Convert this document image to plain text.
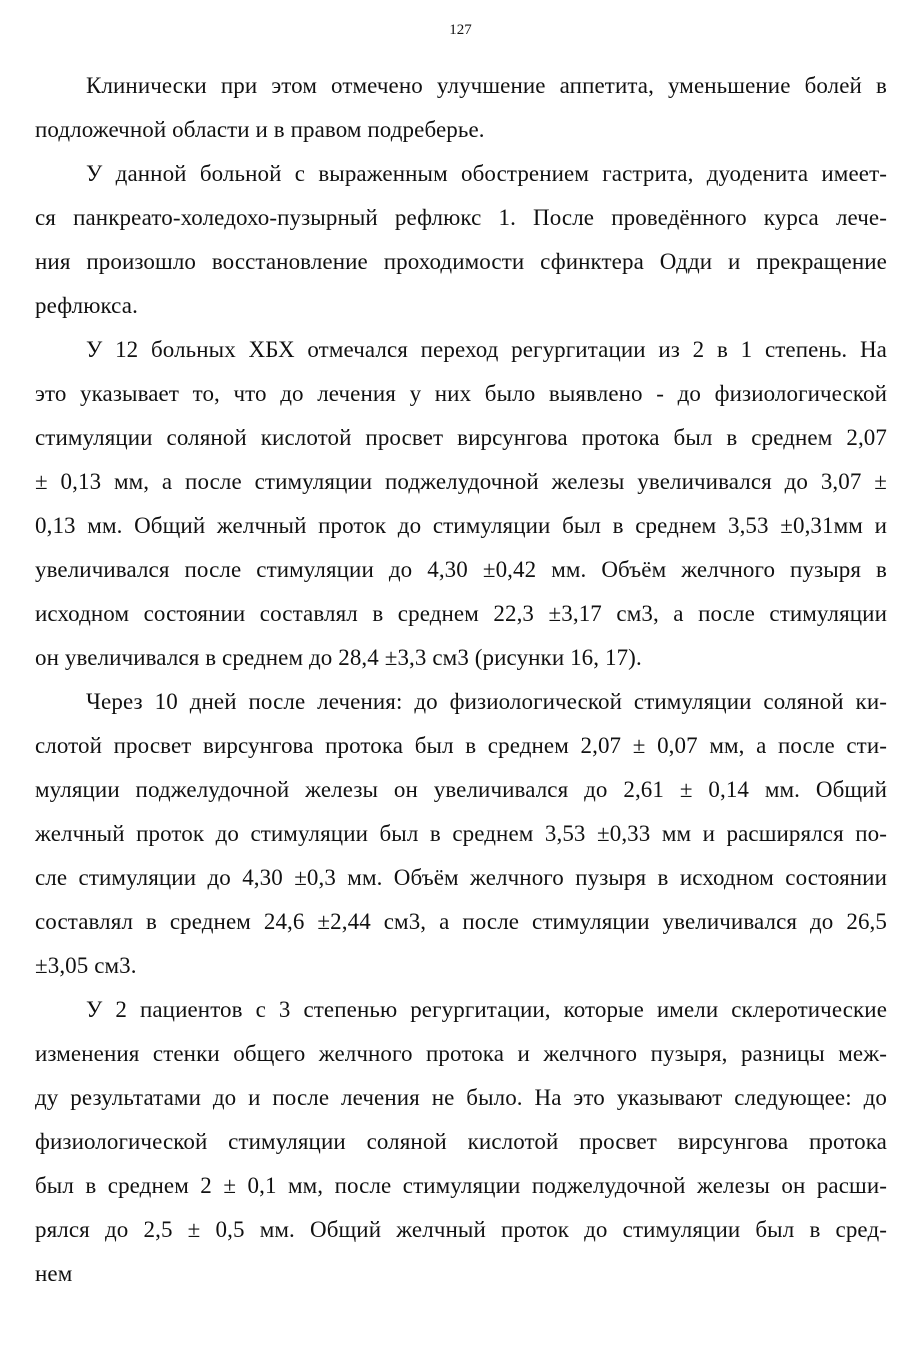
127
Клинически при этом отмечено улучшение аппетита, уменьшение болей в
подложечной области и в правом подреберье.
У данной больной с выраженным обострением гастрита, дуоденита имеет-
ся панкреато-холедохо-пузырный рефлюкс 1. После проведённого курса лече-
ния произошло восстановление проходимости сфинктера Одди и прекращение
рефлюкса.
У 12 больных ХБХ отмечался переход регургитации из 2 в 1 степень. На
это указывает то, что до лечения у них было выявлено - до физиологической
стимуляции соляной кислотой просвет вирсунгова протока был в среднем 2,07
± 0,13 мм, а после стимуляции поджелудочной железы увеличивался до 3,07 ±
0,13 мм. Общий желчный проток до стимуляции был в среднем 3,53 ±0,31мм и
увеличивался после стимуляции до 4,30 ±0,42 мм. Объём желчного пузыря в
исходном состоянии составлял в среднем 22,3 ±3,17 см3, а после стимуляции
он увеличивался в среднем до 28,4 ±3,3 см3 (рисунки 16, 17).
Через 10 дней после лечения: до физиологической стимуляции соляной ки-
слотой просвет вирсунгова протока был в среднем 2,07 ± 0,07 мм, а после сти-
муляции поджелудочной железы он увеличивался до 2,61 ± 0,14 мм. Общий
желчный проток до стимуляции был в среднем 3,53 ±0,33 мм и расширялся по-
сле стимуляции до 4,30 ±0,3 мм. Объём желчного пузыря в исходном состоянии
составлял в среднем 24,6 ±2,44 см3, а после стимуляции увеличивался до 26,5
±3,05 см3.
У 2 пациентов с 3 степенью регургитации, которые имели склеротические
изменения стенки общего желчного протока и желчного пузыря, разницы меж-
ду результатами до и после лечения не было. На это указывают следующее: до
физиологической стимуляции соляной кислотой просвет вирсунгова протока
был в среднем 2 ± 0,1 мм, после стимуляции поджелудочной железы он расши-
рялся до 2,5 ± 0,5 мм. Общий желчный проток до стимуляции был в сред-
нем
